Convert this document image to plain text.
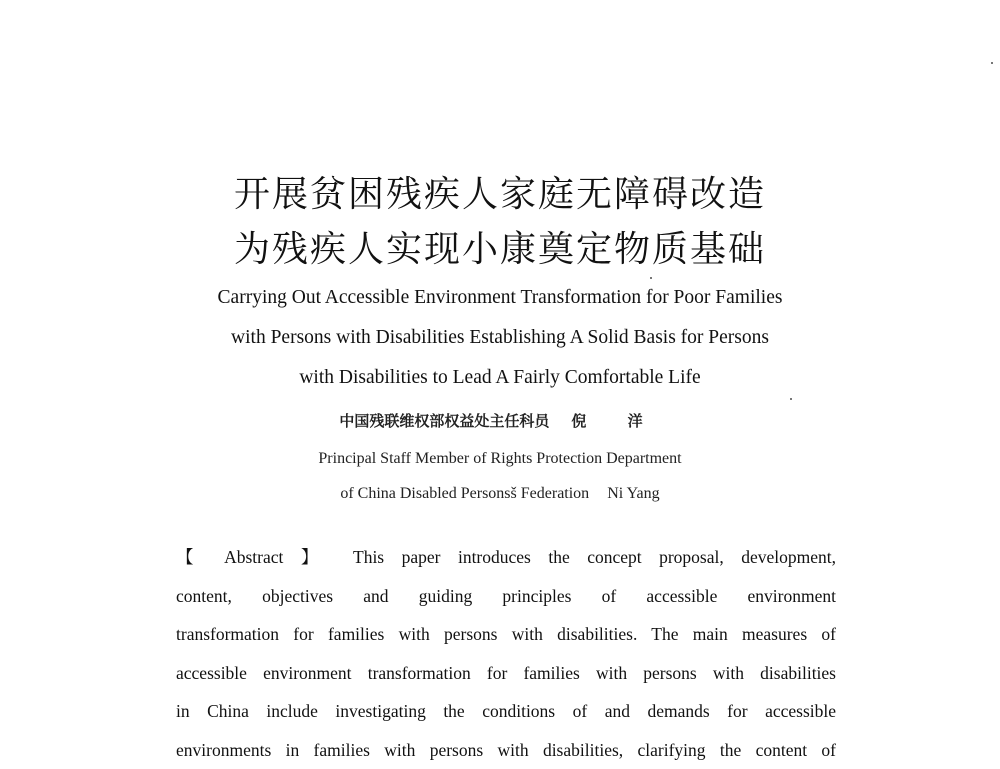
开展贫困残疾人家庭无障碍改造
为残疾人实现小康奠定物质基础
Carrying Out Accessible Environment Transformation for Poor Families
with Persons with Disabilities Establishing A Solid Basis for Persons
with Disabilities to Lead A Fairly Comfortable Life
中国残联维权部权益处主任科员 倪 洋
Principal Staff Member of Rights Protection Department
of China Disabled Personsš Federation Ni Yang
【 Abstract 】 This paper introduces the concept proposal, development,
content, objectives and guiding principles of accessible environment
transformation for families with persons with disabilities. The main measures of
accessible environment transformation for families with persons with disabilities
in China include investigating the conditions of and demands for accessible
environments in families with persons with disabilities, clarifying the content of
